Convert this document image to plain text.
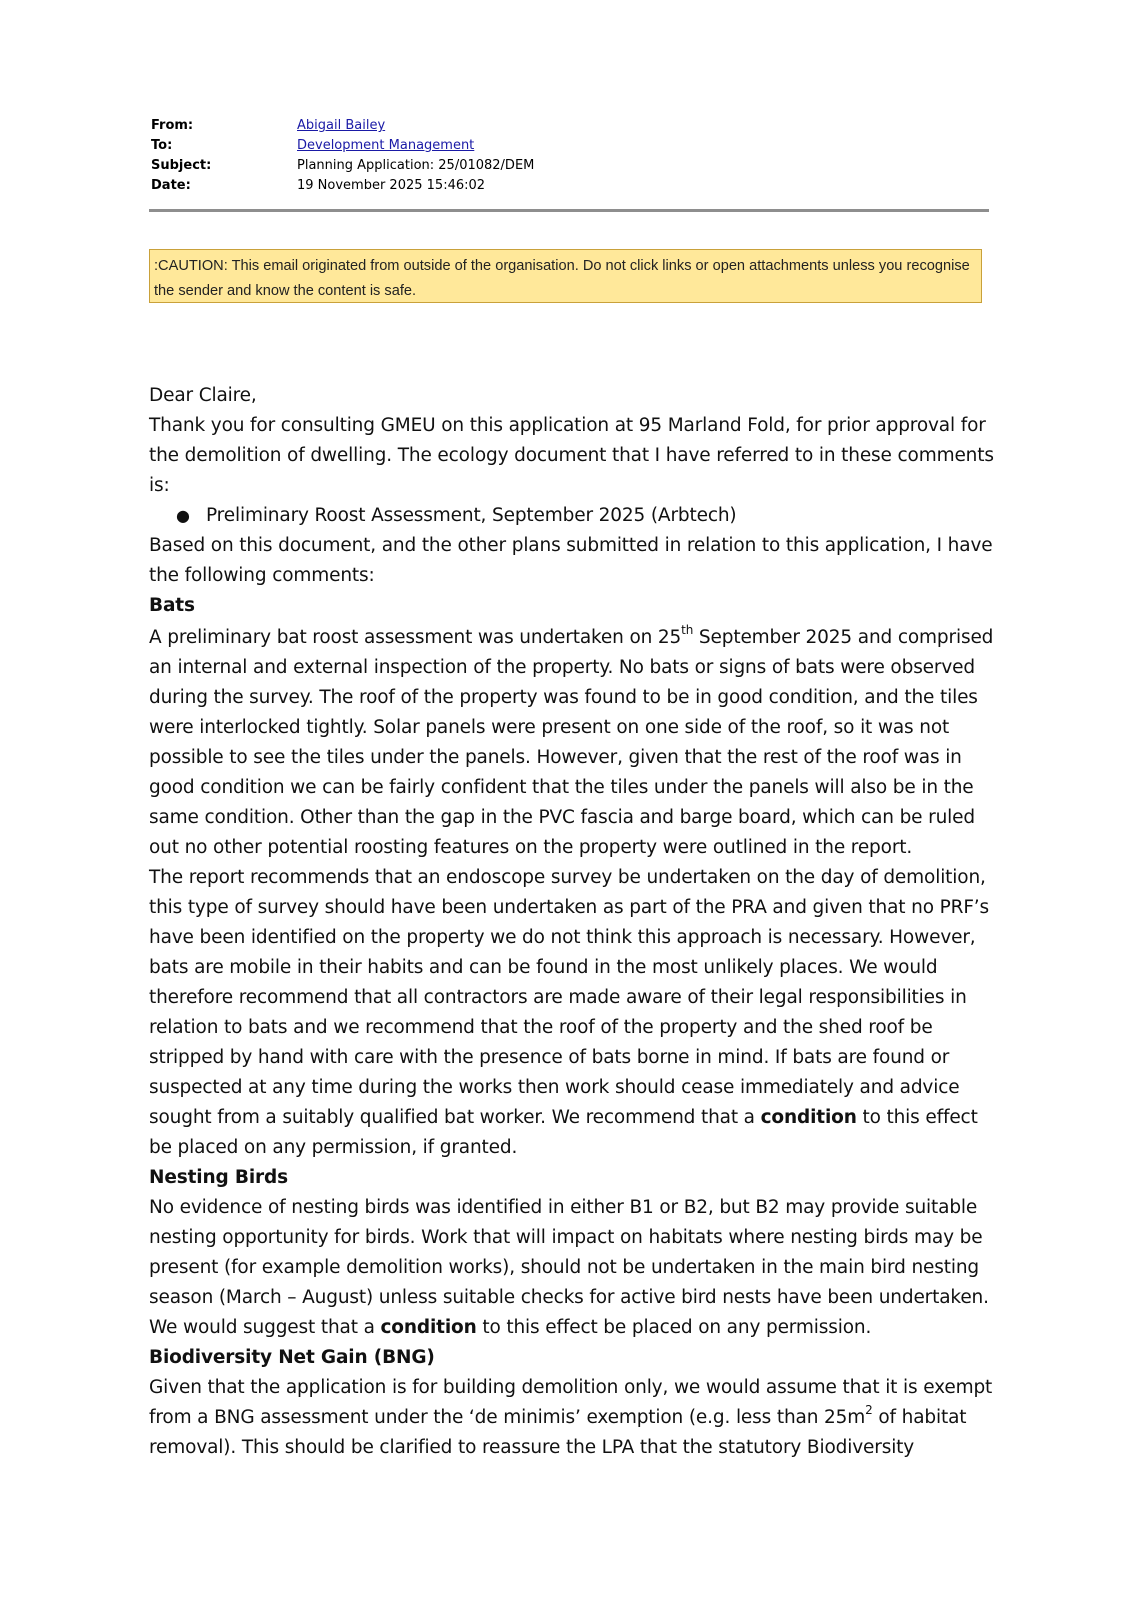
From:	Abigail Bailey
To:	Development Management
Subject:	Planning Application: 25/01082/DEM
Date:	19 November 2025 15:46:02
:CAUTION: This email originated from outside of the organisation. Do not click links or open attachments unless you recognise the sender and know the content is safe.

Dear Claire,

Thank you for consulting GMEU on this application at 95 Marland Fold, for prior approval for the demolition of dwelling. The ecology document that I have referred to in these comments is:

● Preliminary Roost Assessment, September 2025 (Arbtech)

Based on this document, and the other plans submitted in relation to this application, I have the following comments:

Bats

A preliminary bat roost assessment was undertaken on 25th September 2025 and comprised an internal and external inspection of the property. No bats or signs of bats were observed during the survey. The roof of the property was found to be in good condition, and the tiles were interlocked tightly. Solar panels were present on one side of the roof, so it was not possible to see the tiles under the panels. However, given that the rest of the roof was in good condition we can be fairly confident that the tiles under the panels will also be in the same condition. Other than the gap in the PVC fascia and barge board, which can be ruled out no other potential roosting features on the property were outlined in the report.

The report recommends that an endoscope survey be undertaken on the day of demolition, this type of survey should have been undertaken as part of the PRA and given that no PRF’s have been identified on the property we do not think this approach is necessary. However, bats are mobile in their habits and can be found in the most unlikely places. We would therefore recommend that all contractors are made aware of their legal responsibilities in relation to bats and we recommend that the roof of the property and the shed roof be stripped by hand with care with the presence of bats borne in mind. If bats are found or suspected at any time during the works then work should cease immediately and advice sought from a suitably qualified bat worker. We recommend that a condition to this effect be placed on any permission, if granted.

Nesting Birds

No evidence of nesting birds was identified in either B1 or B2, but B2 may provide suitable nesting opportunity for birds. Work that will impact on habitats where nesting birds may be present (for example demolition works), should not be undertaken in the main bird nesting season (March – August) unless suitable checks for active bird nests have been undertaken. We would suggest that a condition to this effect be placed on any permission.

Biodiversity Net Gain (BNG)

Given that the application is for building demolition only, we would assume that it is exempt from a BNG assessment under the ‘de minimis’ exemption (e.g. less than $25m^2$ of habitat removal). This should be clarified to reassure the LPA that the statutory Biodiversity
